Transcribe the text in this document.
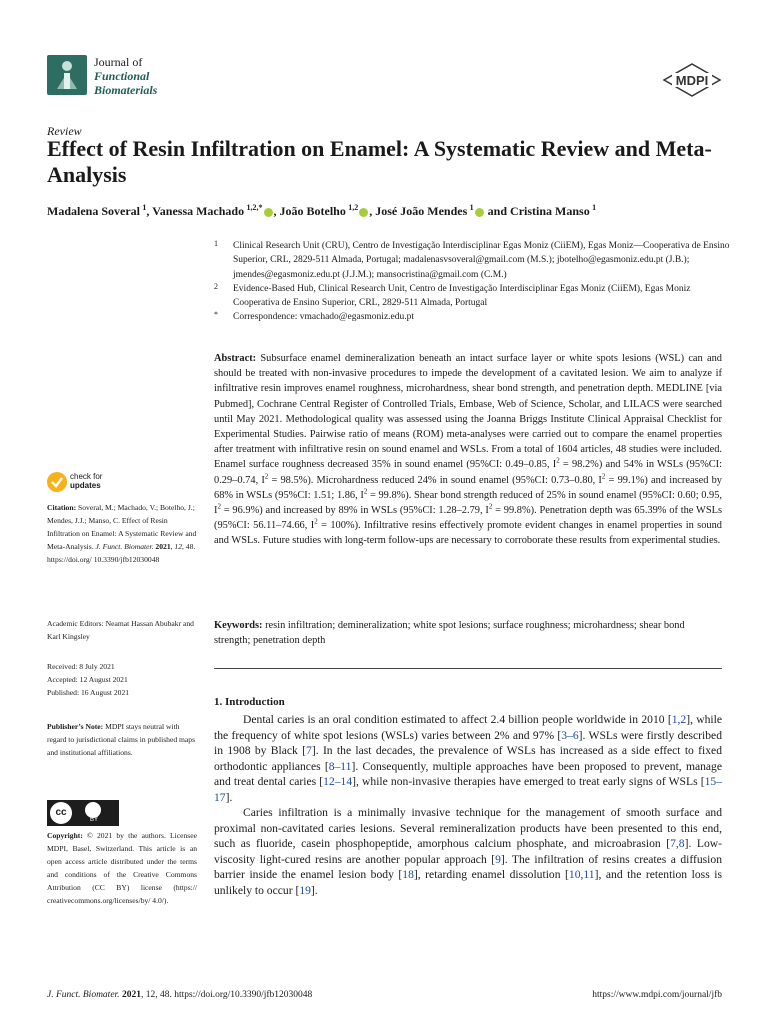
Journal of
Functional
Biomaterials
MDPI
Review
Effect of Resin Infiltration on Enamel: A Systematic Review and Meta-Analysis
Madalena Soveral  $^1$, Vanessa Machado  $^{1,2,*}$ , João Botelho  $^{1,2}$ , José João Mendes  $^1$ and Cristina Manso  $^1$
1 Clinical Research Unit (CRU), Centro de Investigação Interdisciplinar Egas Moniz (CiiEM), Egas Moniz—Cooperativa de Ensino Superior, CRL, 2829-511 Almada, Portugal; madalenasvsoveral@gmail.com (M.S.); jbotelho@egasmoniz.edu.pt (J.B.); jmendes@egasmoniz.edu.pt (J.J.M.); mansocristina@gmail.com (C.M.)
2 Evidence-Based Hub, Clinical Research Unit, Centro de Investigação Interdisciplinar Egas Moniz (CiiEM), Egas Moniz Cooperativa de Ensino Superior, CRL, 2829-511 Almada, Portugal
* Correspondence: vmachado@egasmoniz.edu.pt
check for
updates
Citation: Soveral, M.; Machado, V.; Botelho, J.; Mendes, J.J.; Manso, C. Effect of Resin Infiltration on Enamel: A Systematic Review and Meta-Analysis. J. Funct. Biomater. 2021, 12, 48. https://doi.org/ 10.3390/jfb12030048
Academic Editors: Neamat Hassan Abubakr and Karl Kingsley
Received: 8 July 2021
Accepted: 12 August 2021
Published: 16 August 2021
Publisher’s Note: MDPI stays neutral with regard to jurisdictional claims in published maps and institutional affiliations.
cc
BY
Copyright: © 2021 by the authors. Licensee MDPI, Basel, Switzerland. This article is an open access article distributed under the terms and conditions of the Creative Commons Attribution (CC BY) license (https:// creativecommons.org/licenses/by/ 4.0/).
Abstract: Subsurface enamel demineralization beneath an intact surface layer or white spots lesions (WSL) can and should be treated with non-invasive procedures to impede the development of a cavitated lesion. We aim to analyze if infiltrative resin improves enamel roughness, microhardness, shear bond strength, and penetration depth. MEDLINE [via Pubmed], Cochrane Central Register of Controlled Trials, Embase, Web of Science, Scholar, and LILACS were searched until May 2021. Methodological quality was assessed using the Joanna Briggs Institute Clinical Appraisal Checklist for Experimental Studies. Pairwise ratio of means (ROM) meta-analyses were carried out to compare the enamel properties after treatment with infiltrative resin on sound enamel and WSLs. From a total of 1604 articles, 48 studies were included. Enamel surface roughness decreased 35% in sound enamel (95%CI: 0.49–0.85, $I^2 = 98.2\%$) and 54% in WSLs (95%CI: 0.29–0.74, $I^2 = 98.5\%$). Microhardness reduced 24% in sound enamel (95%CI: 0.73–0.80, $I^2 = 99.1\%$) and increased by 68% in WSLs (95%CI: 1.51; 1.86, $I^2 = 99.8\%$). Shear bond strength reduced of 25% in sound enamel (95%CI: 0.60; 0.95, $I^2 = 96.9\%$) and increased by 89% in WSLs (95%CI: 1.28–2.79, $I^2 = 99.8\%$). Penetration depth was 65.39% of the WSLs (95%CI: 56.11–74.66, $I^2 = 100\%$). Infiltrative resins effectively promote evident changes in enamel properties in sound and WSLs. Future studies with long-term follow-ups are necessary to corroborate these results from experimental studies.
Keywords: resin infiltration; demineralization; white spot lesions; surface roughness; microhardness; shear bond strength; penetration depth
1. Introduction

Dental caries is an oral condition estimated to affect 2.4 billion people worldwide in 2010 [1,2], while the frequency of white spot lesions (WSLs) varies between 2% and 97% [3–6]. WSLs were firstly described in 1908 by Black [7]. In the last decades, the prevalence of WSLs has increased as a side effect to fixed orthodontic appliances [8–11]. Consequently, multiple approaches have been proposed to prevent, manage and treat dental caries [12–14], while non-invasive therapies have emerged to treat early signs of WSLs [15–17].

Caries infiltration is a minimally invasive technique for the management of smooth surface and proximal non-cavitated caries lesions. Several remineralization products have been presented to this end, such as fluoride, casein phosphopeptide, amorphous calcium phosphate, and microabrasion [7,8]. Low-viscosity light-cured resins are another popular approach [9]. The infiltration of resins creates a diffusion barrier inside the enamel lesion body [18], retarding enamel dissolution [10,11], and the retention loss is unlikely to occur [19].

J. Funct. Biomater. 2021, 12, 48. https://doi.org/10.3390/jfb12030048	https://www.mdpi.com/journal/jfb
